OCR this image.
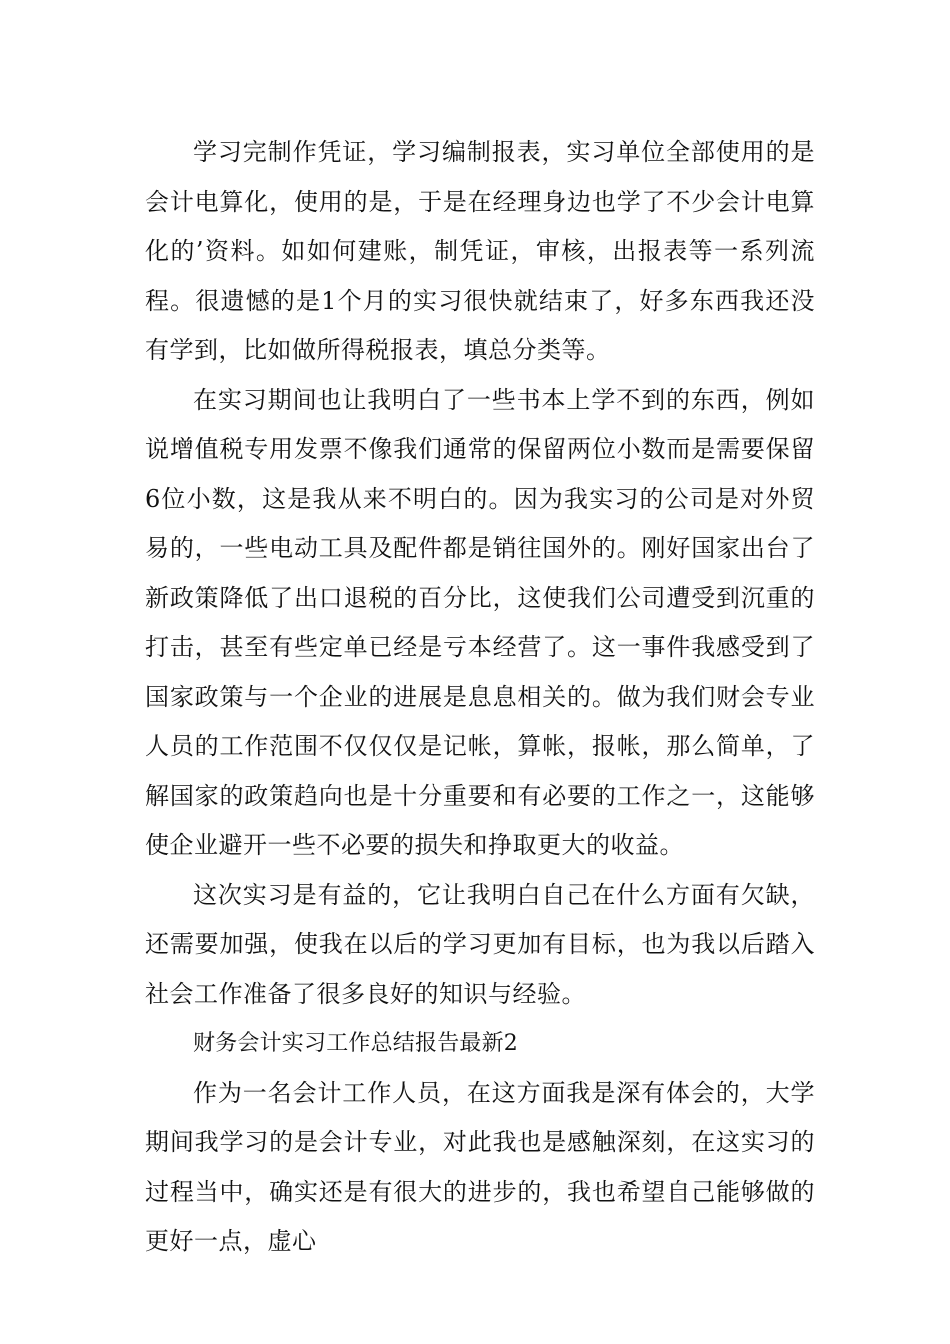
学习完制作凭证，学习编制报表，实习单位全部使用的是会计电算化，使用的是，于是在经理身边也学了不少会计电算化的’资料。如如何建账，制凭证，审核，出报表等一系列流程。很遗憾的是1个月的实习很快就结束了，好多东西我还没有学到，比如做所得税报表，填总分类等。

在实习期间也让我明白了一些书本上学不到的东西，例如说增值税专用发票不像我们通常的保留两位小数而是需要保留6位小数，这是我从来不明白的。因为我实习的公司是对外贸易的，一些电动工具及配件都是销往国外的。刚好国家出台了新政策降低了出口退税的百分比，这使我们公司遭受到沉重的打击，甚至有些定单已经是亏本经营了。这一事件我感受到了国家政策与一个企业的进展是息息相关的。做为我们财会专业人员的工作范围不仅仅仅是记帐，算帐，报帐，那么简单，了解国家的政策趋向也是十分重要和有必要的工作之一，这能够使企业避开一些不必要的损失和挣取更大的收益。

这次实习是有益的，它让我明白自己在什么方面有欠缺，还需要加强，使我在以后的学习更加有目标，也为我以后踏入社会工作准备了很多良好的知识与经验。

财务会计实习工作总结报告最新2

作为一名会计工作人员，在这方面我是深有体会的，大学期间我学习的是会计专业，对此我也是感触深刻，在这实习的过程当中，确实还是有很大的进步的，我也希望自己能够做的更好一点，虚心
